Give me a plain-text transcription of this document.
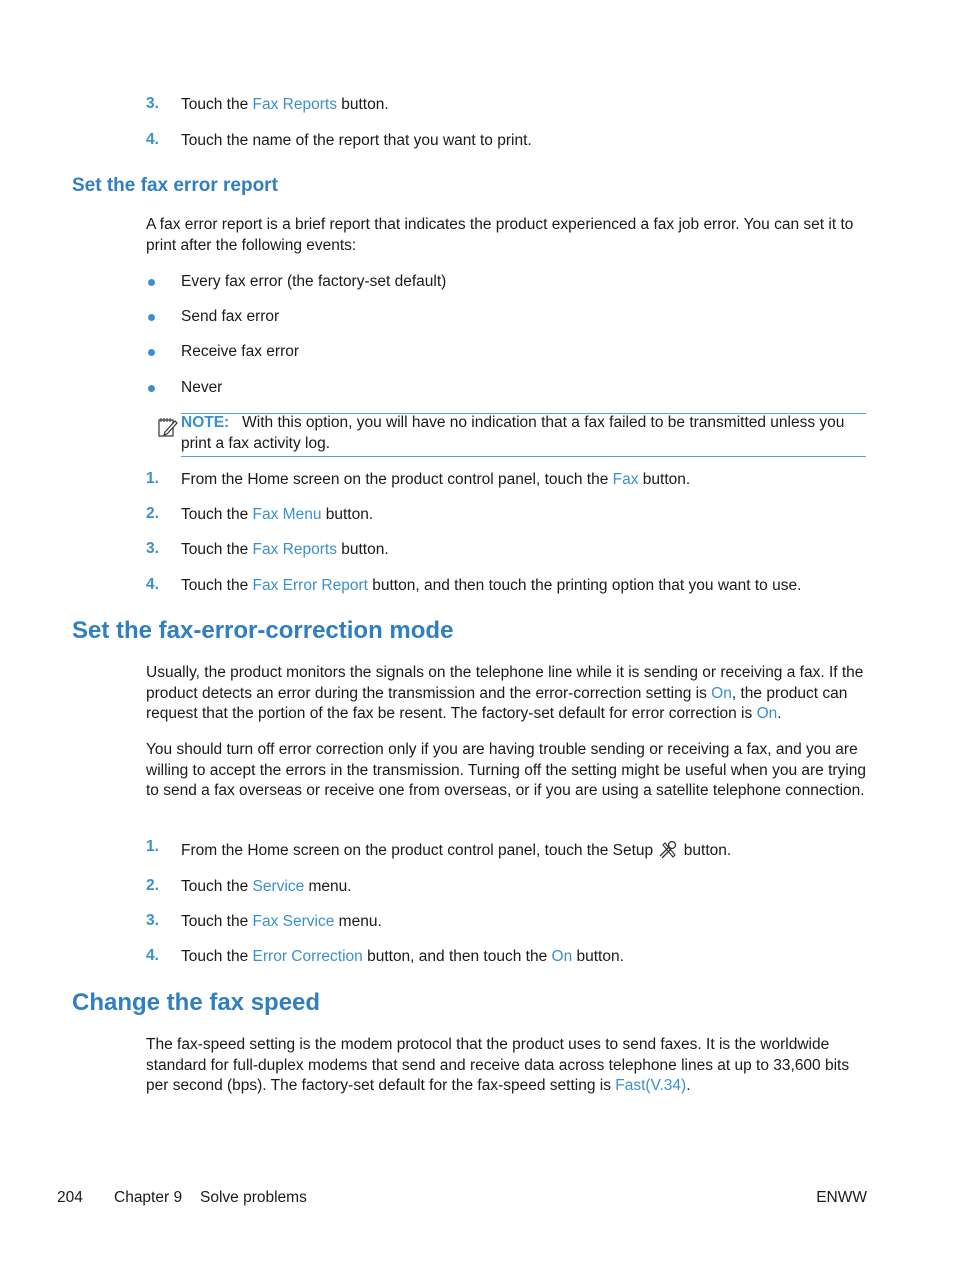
3. Touch the Fax Reports button.
4. Touch the name of the report that you want to print.
Set the fax error report
A fax error report is a brief report that indicates the product experienced a fax job error. You can set it to print after the following events:
Every fax error (the factory-set default)
Send fax error
Receive fax error
Never
NOTE: With this option, you will have no indication that a fax failed to be transmitted unless you print a fax activity log.
1. From the Home screen on the product control panel, touch the Fax button.
2. Touch the Fax Menu button.
3. Touch the Fax Reports button.
4. Touch the Fax Error Report button, and then touch the printing option that you want to use.
Set the fax-error-correction mode
Usually, the product monitors the signals on the telephone line while it is sending or receiving a fax. If the product detects an error during the transmission and the error-correction setting is On, the product can request that the portion of the fax be resent. The factory-set default for error correction is On.
You should turn off error correction only if you are having trouble sending or receiving a fax, and you are willing to accept the errors in the transmission. Turning off the setting might be useful when you are trying to send a fax overseas or receive one from overseas, or if you are using a satellite telephone connection.
1. From the Home screen on the product control panel, touch the Setup  button.
2. Touch the Service menu.
3. Touch the Fax Service menu.
4. Touch the Error Correction button, and then touch the On button.
Change the fax speed
The fax-speed setting is the modem protocol that the product uses to send faxes. It is the worldwide standard for full-duplex modems that send and receive data across telephone lines at up to 33,600 bits per second (bps). The factory-set default for the fax-speed setting is Fast(V.34).
204 Chapter 9 Solve problems	ENWW
